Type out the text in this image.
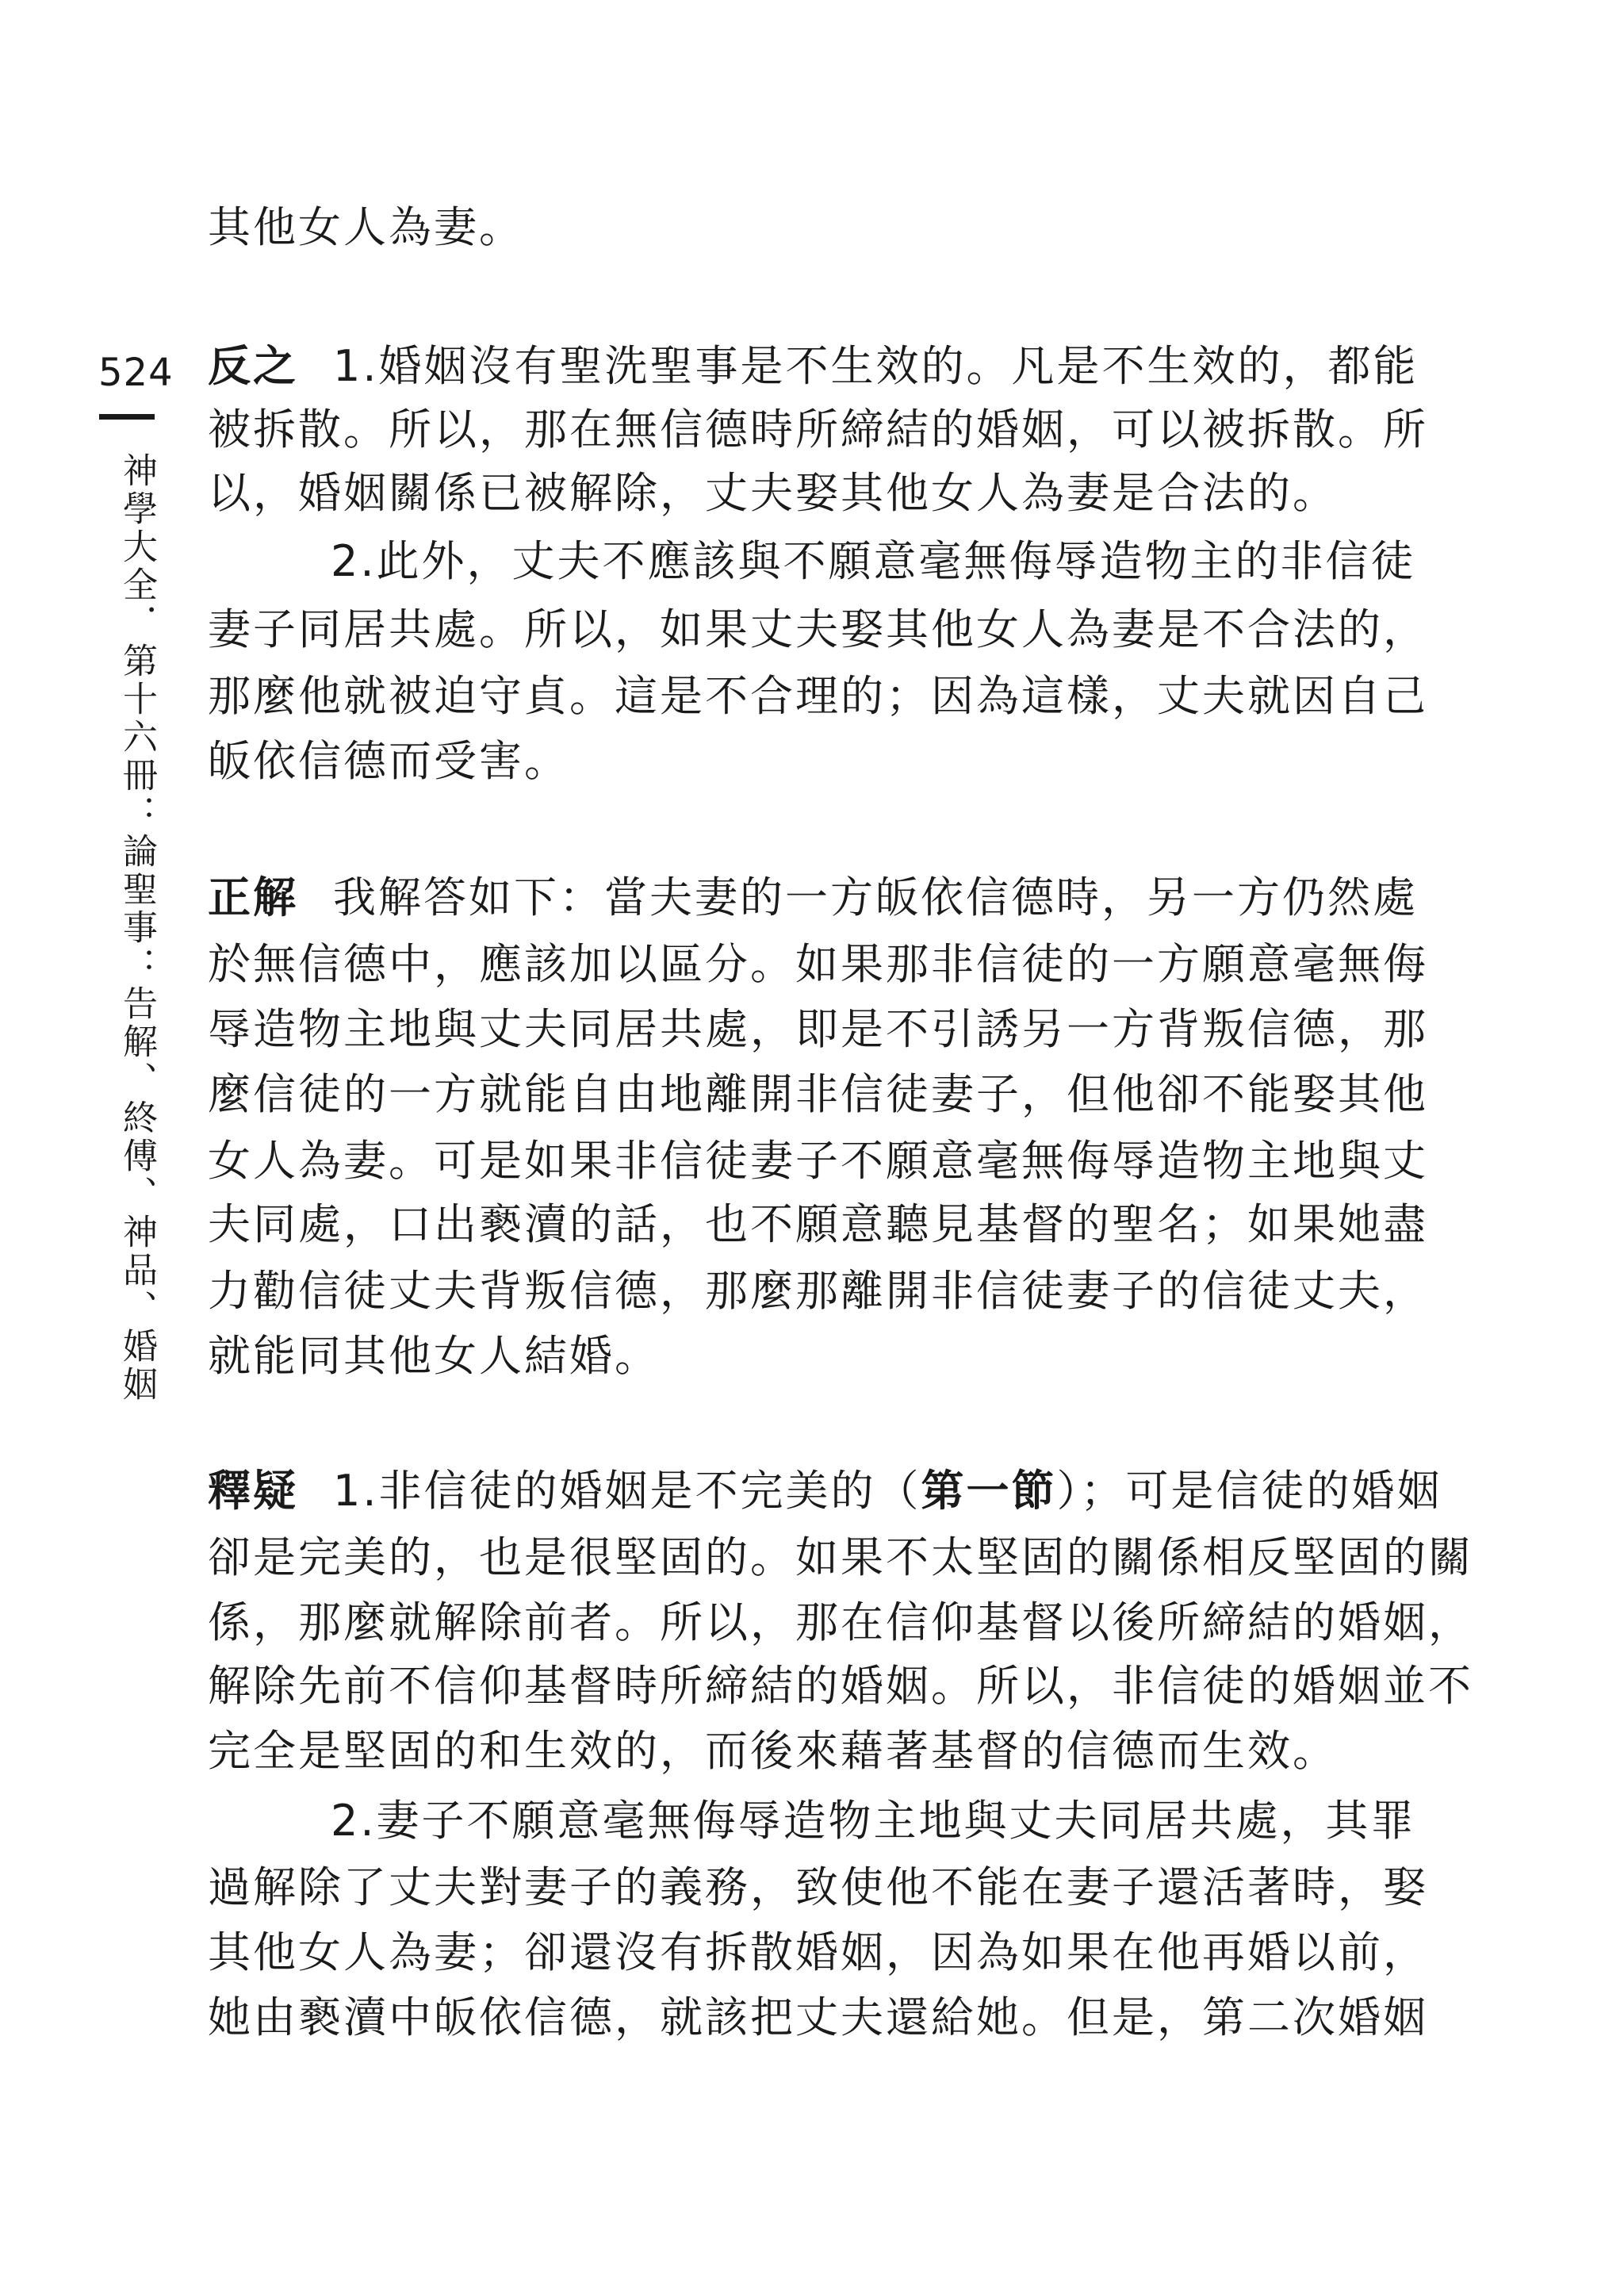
524
神學大全．第十六冊：論聖事：告解、終傅、神品、婚姻
其他女人為妻。
反之 1.婚姻沒有聖洗聖事是不生效的。凡是不生效的，都能
被拆散。所以，那在無信德時所締結的婚姻，可以被拆散。所
以，婚姻關係已被解除，丈夫娶其他女人為妻是合法的。
2.此外，丈夫不應該與不願意毫無侮辱造物主的非信徒
妻子同居共處。所以，如果丈夫娶其他女人為妻是不合法的，
那麼他就被迫守貞。這是不合理的；因為這樣，丈夫就因自己
皈依信德而受害。
正解 我解答如下：當夫妻的一方皈依信德時，另一方仍然處
於無信德中，應該加以區分。如果那非信徒的一方願意毫無侮
辱造物主地與丈夫同居共處，即是不引誘另一方背叛信德，那
麼信徒的一方就能自由地離開非信徒妻子，但他卻不能娶其他
女人為妻。可是如果非信徒妻子不願意毫無侮辱造物主地與丈
夫同處，口出褻瀆的話，也不願意聽見基督的聖名；如果她盡
力勸信徒丈夫背叛信德，那麼那離開非信徒妻子的信徒丈夫，
就能同其他女人結婚。
釋疑 1.非信徒的婚姻是不完美的（第一節）；可是信徒的婚姻
卻是完美的，也是很堅固的。如果不太堅固的關係相反堅固的關
係，那麼就解除前者。所以，那在信仰基督以後所締結的婚姻，
解除先前不信仰基督時所締結的婚姻。所以，非信徒的婚姻並不
完全是堅固的和生效的，而後來藉著基督的信德而生效。
2.妻子不願意毫無侮辱造物主地與丈夫同居共處，其罪
過解除了丈夫對妻子的義務，致使他不能在妻子還活著時，娶
其他女人為妻；卻還沒有拆散婚姻，因為如果在他再婚以前，
她由褻瀆中皈依信德，就該把丈夫還給她。但是，第二次婚姻
